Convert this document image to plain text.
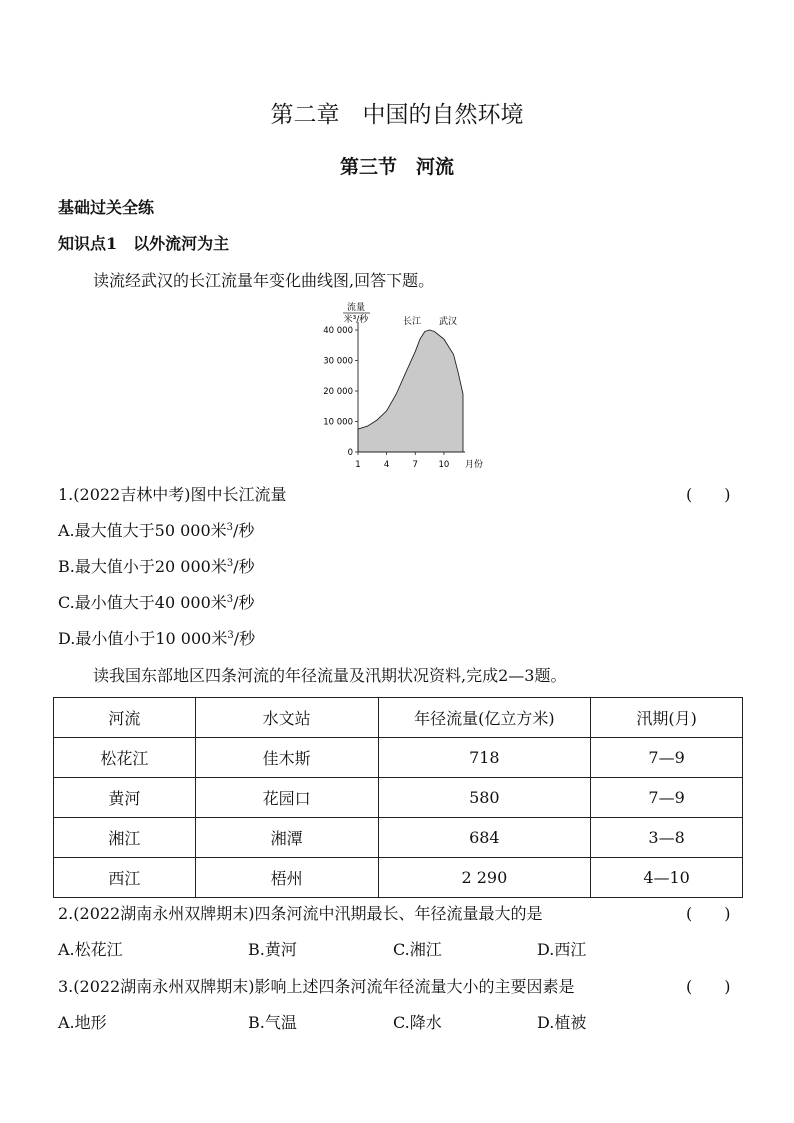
第二章　中国的自然环境
第三节　河流
基础过关全练
知识点1　以外流河为主
读流经武汉的长江流量年变化曲线图,回答下题。
流量
米³/秒	长江 武汉
40 000
30 000
20 000
10 000
0
1	4	7 10 月份
1.(2022吉林中考)图中长江流量	(　　)
A.最大值大于50 000米$^3$/秒
B.最大值小于20 000米$^3$/秒
C.最小值大于40 000米$^3$/秒
D.最小值小于10 000米$^3$/秒
读我国东部地区四条河流的年径流量及汛期状况资料,完成2—3题。
河流	水文站	年径流量(亿立方米)	汛期(月)
松花江	佳木斯	718	7—9
黄河	花园口	580	7—9
湘江	湘潭	684	3—8
西江	梧州	2 290	4—10
2.(2022湖南永州双牌期末)四条河流中汛期最长、年径流量最大的是	(　　)
A.松花江	B.黄河	C.湘江	D.西江
3.(2022湖南永州双牌期末)影响上述四条河流年径流量大小的主要因素是	(　　)
A.地形	B.气温	C.降水	D.植被
